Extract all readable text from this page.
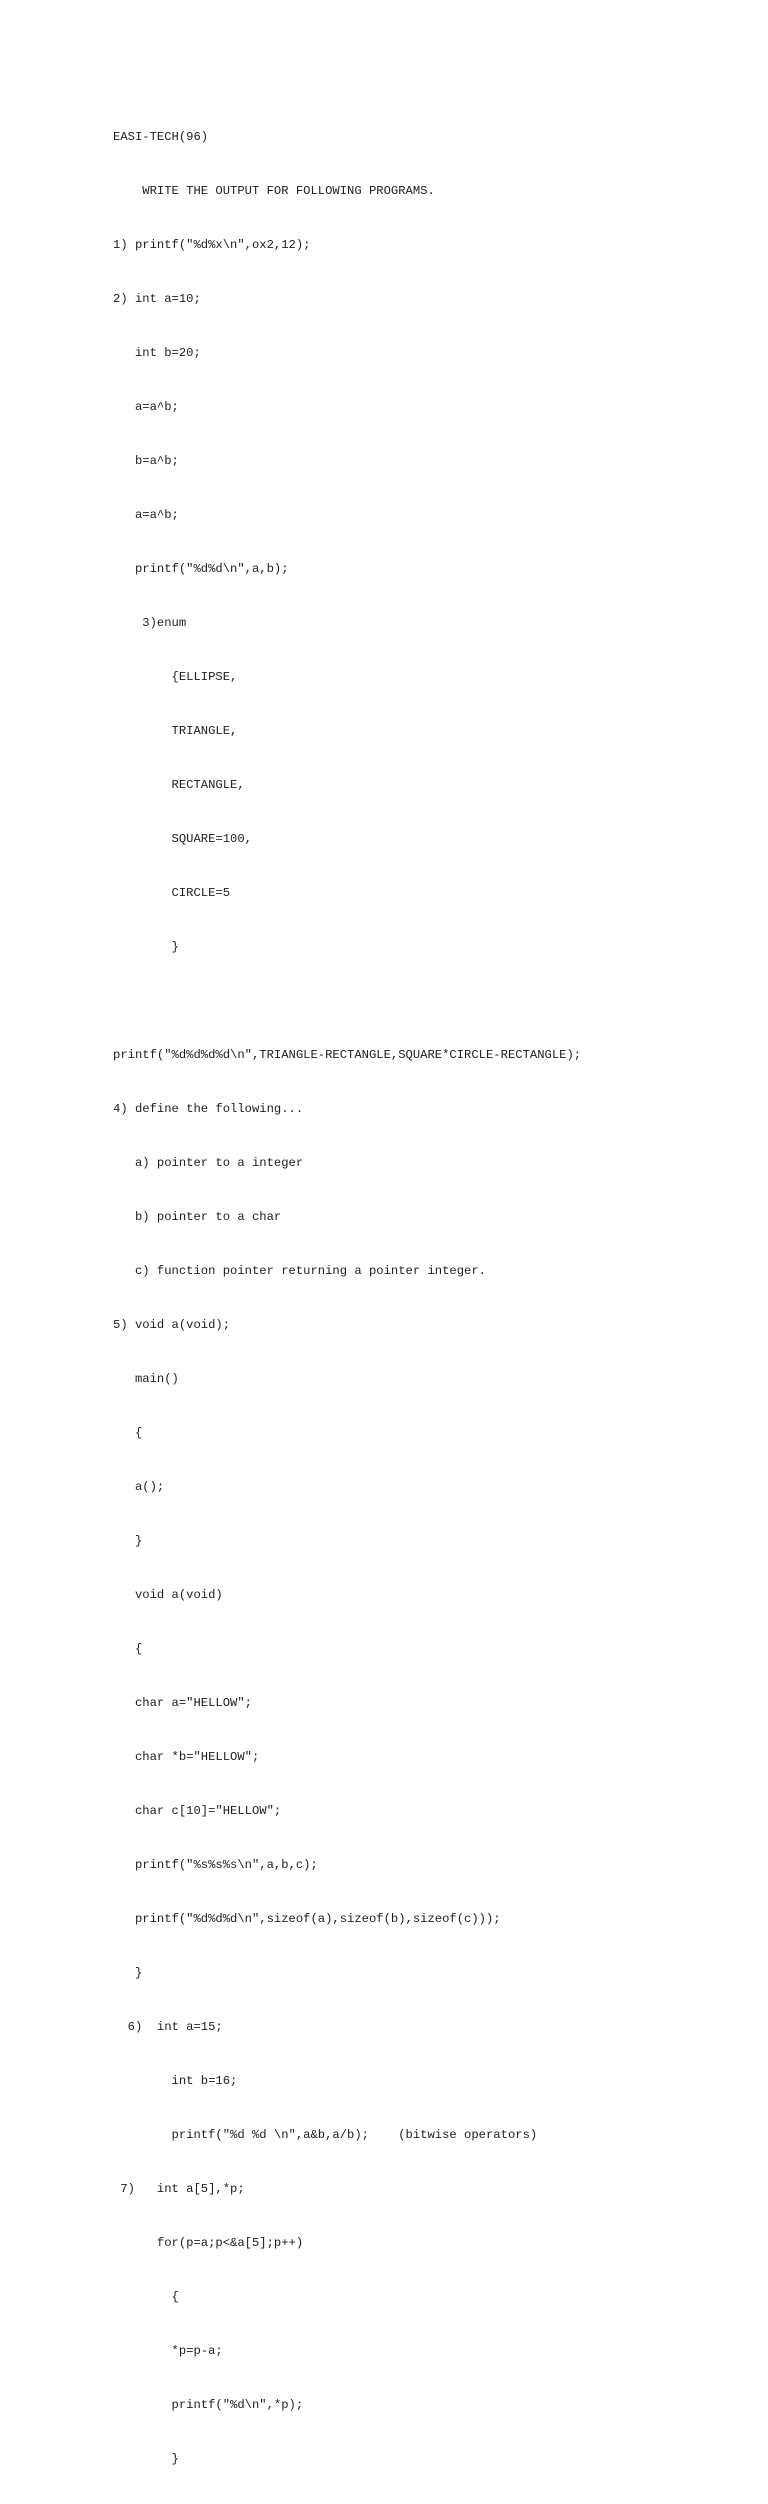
EASI-TECH(96)

WRITE THE OUTPUT FOR FOLLOWING PROGRAMS.

1) printf("%d%x\n",ox2,12);

2) int a=10;

int b=20;

a=a^b;

b=a^b;

a=a^b;

printf("%d%d\n",a,b);

3)enum

{ELLIPSE,

TRIANGLE,

RECTANGLE,

SQUARE=100,

CIRCLE=5

}

printf("%d%d%d%d\n",TRIANGLE-RECTANGLE,SQUARE*CIRCLE-RECTANGLE);

4) define the following...

a) pointer to a integer

b) pointer to a char

c) function pointer returning a pointer integer.

5) void a(void);

main()

{

a();

}

void a(void)

{

char a="HELLOW";

char *b="HELLOW";

char c[10]="HELLOW";

printf("%s%s%s\n",a,b,c);

printf("%d%d%d\n",sizeof(a),sizeof(b),sizeof(c)));

}

6)  int a=15;

int b=16;

printf("%d %d \n",a&b,a/b);    (bitwise operators)

7)   int a[5],*p;

for(p=a;p<&a[5];p++)

{

*p=p-a;

printf("%d\n",*p);

}
